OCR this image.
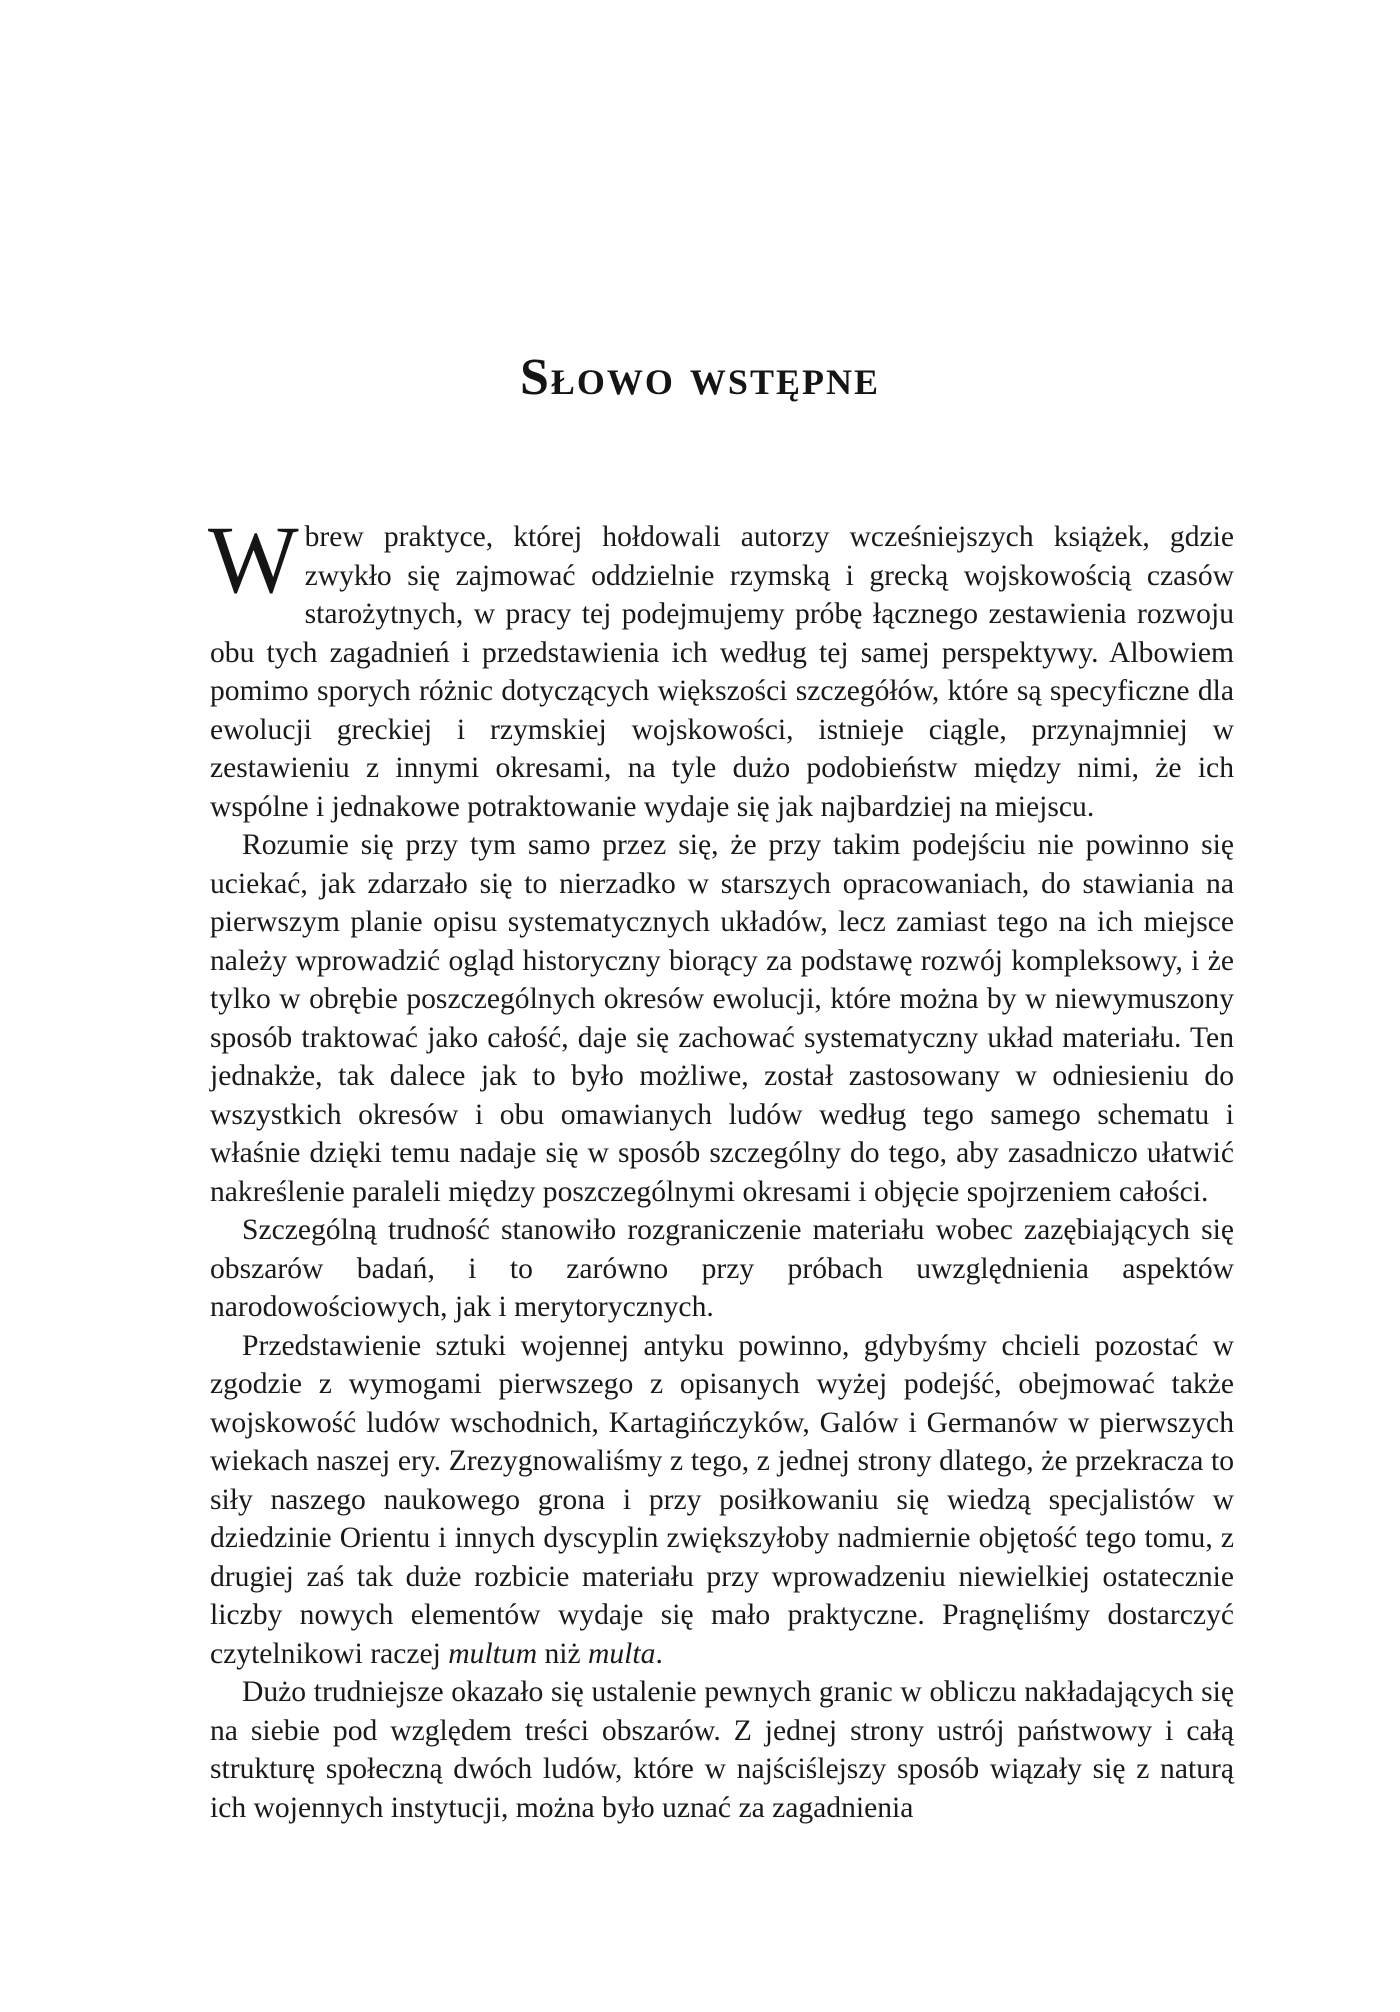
Słowo wstępne

Wbrew praktyce, której hołdowali autorzy wcześniejszych książek, gdzie zwykło się zajmować oddzielnie rzymską i grecką wojskowością czasów starożytnych, w pracy tej podejmujemy próbę łącznego zestawienia rozwoju obu tych zagadnień i przedstawienia ich według tej samej perspektywy. Albowiem pomimo sporych różnic dotyczących większości szczegółów, które są specyficzne dla ewolucji greckiej i rzymskiej wojskowości, istnieje ciągle, przynajmniej w zestawieniu z innymi okresami, na tyle dużo podobieństw między nimi, że ich wspólne i jednakowe potraktowanie wydaje się jak najbardziej na miejscu.

Rozumie się przy tym samo przez się, że przy takim podejściu nie powinno się uciekać, jak zdarzało się to nierzadko w starszych opracowaniach, do stawiania na pierwszym planie opisu systematycznych układów, lecz zamiast tego na ich miejsce należy wprowadzić ogląd historyczny biorący za podstawę rozwój kompleksowy, i że tylko w obrębie poszczególnych okresów ewolucji, które można by w niewymuszony sposób traktować jako całość, daje się zachować systematyczny układ materiału. Ten jednakże, tak dalece jak to było możliwe, został zastosowany w odniesieniu do wszystkich okresów i obu omawianych ludów według tego samego schematu i właśnie dzięki temu nadaje się w sposób szczególny do tego, aby zasadniczo ułatwić nakreślenie paraleli między poszczególnymi okresami i objęcie spojrzeniem całości.

Szczególną trudność stanowiło rozgraniczenie materiału wobec zazębiających się obszarów badań, i to zarówno przy próbach uwzględnienia aspektów narodowościowych, jak i merytorycznych.

Przedstawienie sztuki wojennej antyku powinno, gdybyśmy chcieli pozostać w zgodzie z wymogami pierwszego z opisanych wyżej podejść, obejmować także wojskowość ludów wschodnich, Kartagińczyków, Galów i Germanów w pierwszych wiekach naszej ery. Zrezygnowaliśmy z tego, z jednej strony dlatego, że przekracza to siły naszego naukowego grona i przy posiłkowaniu się wiedzą specjalistów w dziedzinie Orientu i innych dyscyplin zwiększyłoby nadmiernie objętość tego tomu, z drugiej zaś tak duże rozbicie materiału przy wprowadzeniu niewielkiej ostatecznie liczby nowych elementów wydaje się mało praktyczne. Pragnęliśmy dostarczyć czytelnikowi raczej multum niż multa.

Dużo trudniejsze okazało się ustalenie pewnych granic w obliczu nakładających się na siebie pod względem treści obszarów. Z jednej strony ustrój państwowy i całą strukturę społeczną dwóch ludów, które w najściślejszy sposób wiązały się z naturą ich wojennych instytucji, można było uznać za zagadnienia
